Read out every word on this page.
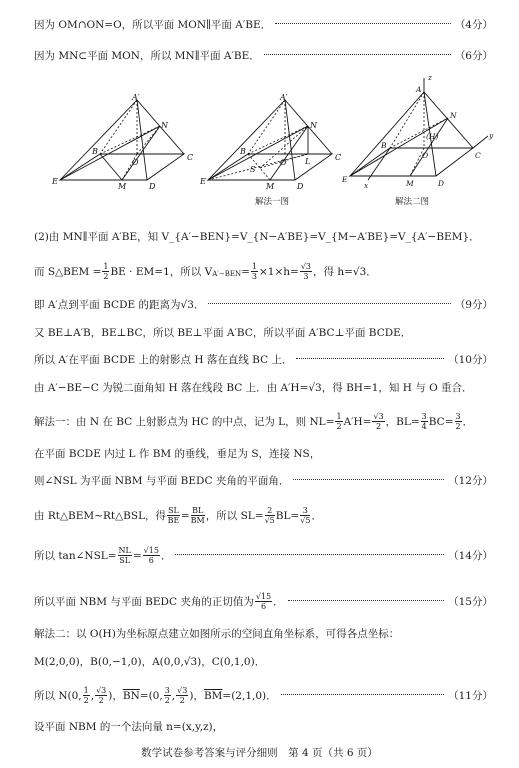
因为 OM∩ON=O，所以平面 MON∥平面 A′BE．	（4分）
因为 MN⊂平面 MON，所以 MN∥平面 A′BE．	（6分）
A′
N
B
O
C
E
M	D
A′
N
B
O
S
L	C
E
M	D
解法一图
z
A
N
B
(H)
O
y
C
x
E	M	D
解法二图
(2)由 MN∥平面 A′BE，知 V_{A′−BEN}=V_{N−A′BE}=V_{M−A′BE}=V_{A′−BEM}．
而 S△BEM = $\frac{1}{2}$ BE · EM=1，所以 V $A'-BEN = \frac{1}{3} \times 1\times h= \frac{√3}{3}$ ，得 h=√3．
即 A′点到平面 BCDE 的距离为√3．	（9分）
又 BE⊥A′B，BE⊥BC，所以 BE⊥平面 A′BC，所以平面 A′BC⊥平面 BCDE．
所以 A′在平面 BCDE 上的射影点 H 落在直线 BC 上．	（10分）
由 A′−BE−C 为锐二面角知 H 落在线段 BC 上．由 A′H=√3，得 BH=1，知 H 与 O 重合．
解法一：由 N 在 BC 上射影点为 HC 的中点，记为 L，则 $NL= \frac{1}{2} A'H= \frac{√3}{2}$ ，$BL= \frac{3}{4} BC= \frac{3}{2}$ ．
在平面 BCDE 内过 L 作 BM 的垂线，垂足为 S，连接 NS，
则∠NSL 为平面 NBM 与平面 BEDC 夹角的平面角．	（12分）
由 Rt△BEM∼Rt△BSL，得 $\frac{SL}{BE} = \frac{BL}{BM}$ ，所以 $SL= \frac{2}{√5} BL= \frac{3}{√5}$ ．
所以 tan∠NSL= $\frac{NL}{SL} = \frac{√15}{6}$ ．	（14分）
所以平面 NBM 与平面 BEDC 夹角的正切值为 $\frac{√15}{6}$ ．	（15分）
解法二：以 O(H)为坐标原点建立如图所示的空间直角坐标系，可得各点坐标：
M(2,0,0)，B(0,−1,0)，A(0,0,√3)，C(0,1,0)．
所以 N(0, $\frac{1}{2}$ , $\frac{√3}{2}$ )， $\overline{BN} =(0$, $\frac{3}{2}$ , $\frac{√3}{2}$ )， $\overline{BM} =(2,1,0)$．	（11分）
设平面 NBM 的一个法向量 n=(x,y,z)，
数学试卷参考答案与评分细则　第 4 页（共 6 页）
